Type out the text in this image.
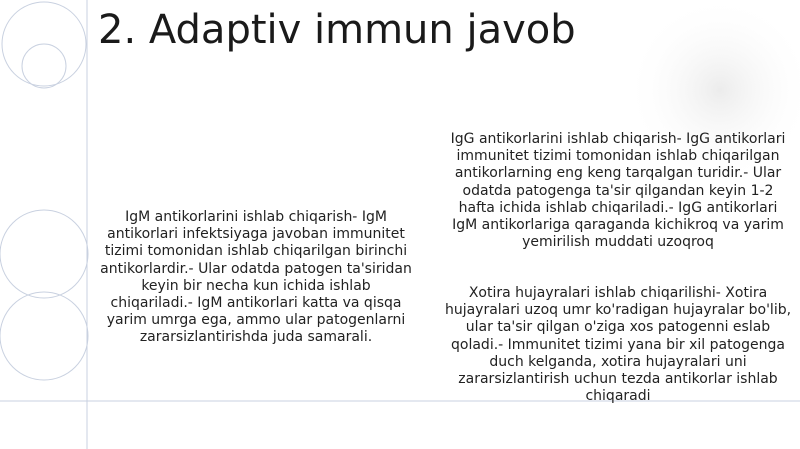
2. Adaptiv immun javob

IgM antikorlarini ishlab chiqarish- IgM antikorlari infektsiyaga javoban immunitet tizimi tomonidan ishlab chiqarilgan birinchi antikorlardir.- Ular odatda patogen ta'siridan keyin bir necha kun ichida ishlab chiqariladi.- IgM antikorlari katta va qisqa yarim umrga ega, ammo ular patogenlarni zararsizlantirishda juda samarali.

IgG antikorlarini ishlab chiqarish- IgG antikorlari immunitet tizimi tomonidan ishlab chiqarilgan antikorlarning eng keng tarqalgan turidir.- Ular odatda patogenga ta'sir qilgandan keyin 1-2 hafta ichida ishlab chiqariladi.- IgG antikorlari IgM antikorlariga qaraganda kichikroq va yarim yemirilish muddati uzoqroq

Xotira hujayralari ishlab chiqarilishi- Xotira hujayralari uzoq umr ko'radigan hujayralar bo'lib, ular ta'sir qilgan o'ziga xos patogenni eslab qoladi.- Immunitet tizimi yana bir xil patogenga duch kelganda, xotira hujayralari uni zararsizlantirish uchun tezda antikorlar ishlab chiqaradi
